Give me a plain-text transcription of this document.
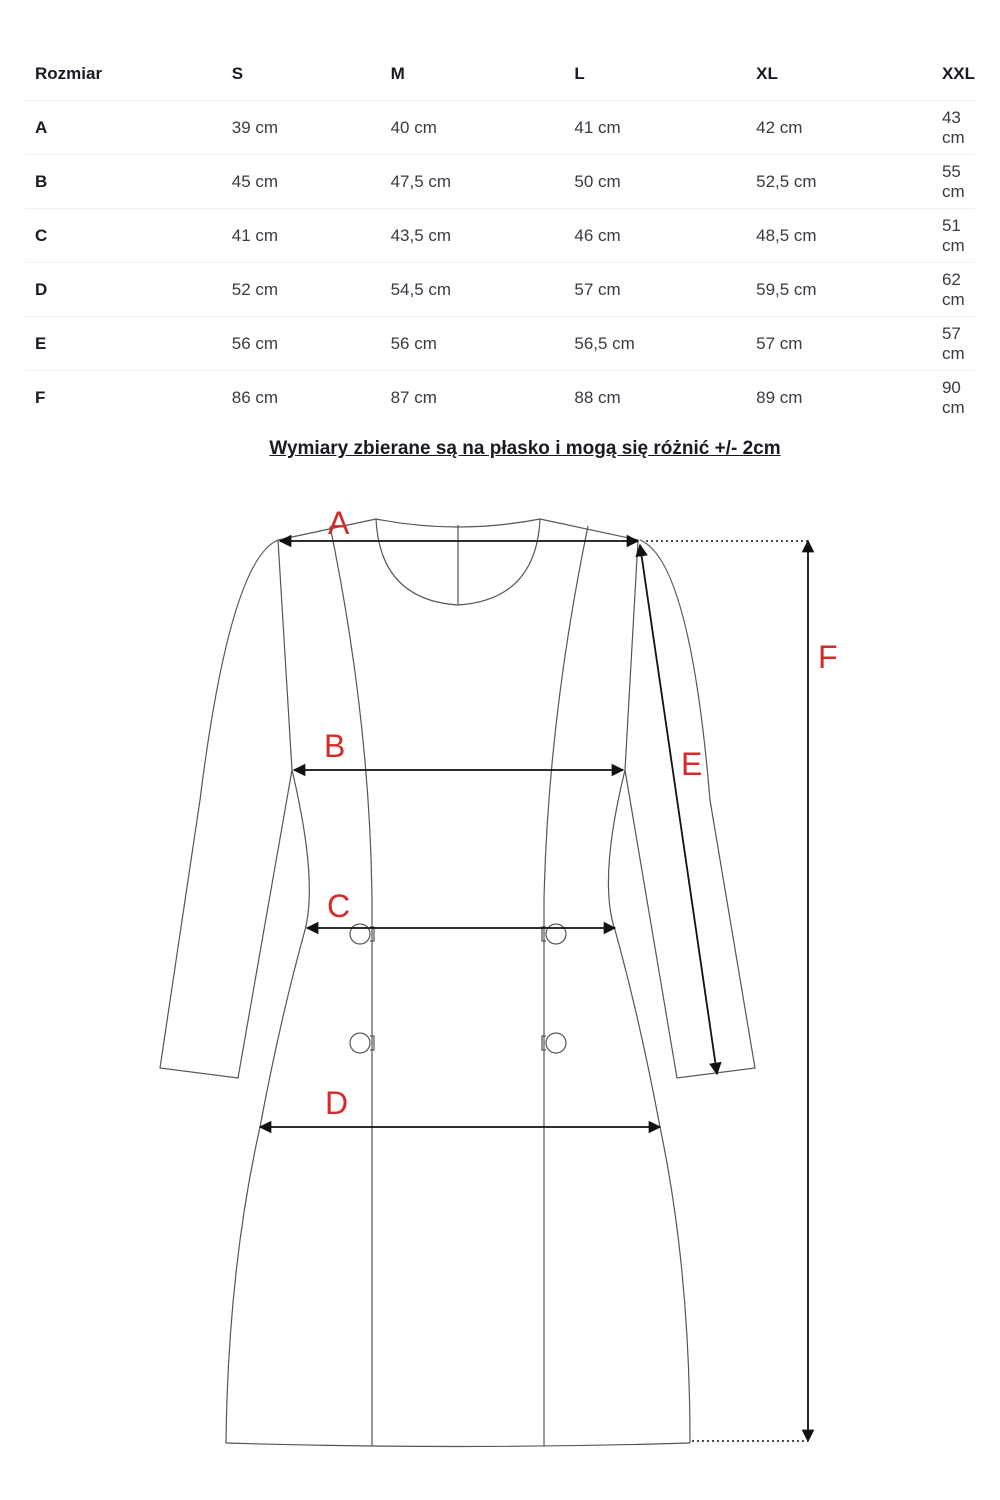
Rozmiar	S	M	L	XL	XXL
A	39 cm	40 cm	41 cm	42 cm	43 cm
B	45 cm	47,5 cm	50 cm	52,5 cm	55 cm
C	41 cm	43,5 cm	46 cm	48,5 cm	51 cm
D	52 cm	54,5 cm	57 cm	59,5 cm	62 cm
E	56 cm	56 cm	56,5 cm	57 cm	57 cm
F	86 cm	87 cm	88 cm	89 cm	90 cm
Wymiary zbierane są na płasko i mogą się różnić +/- 2cm
A
B
C
D
E
F
